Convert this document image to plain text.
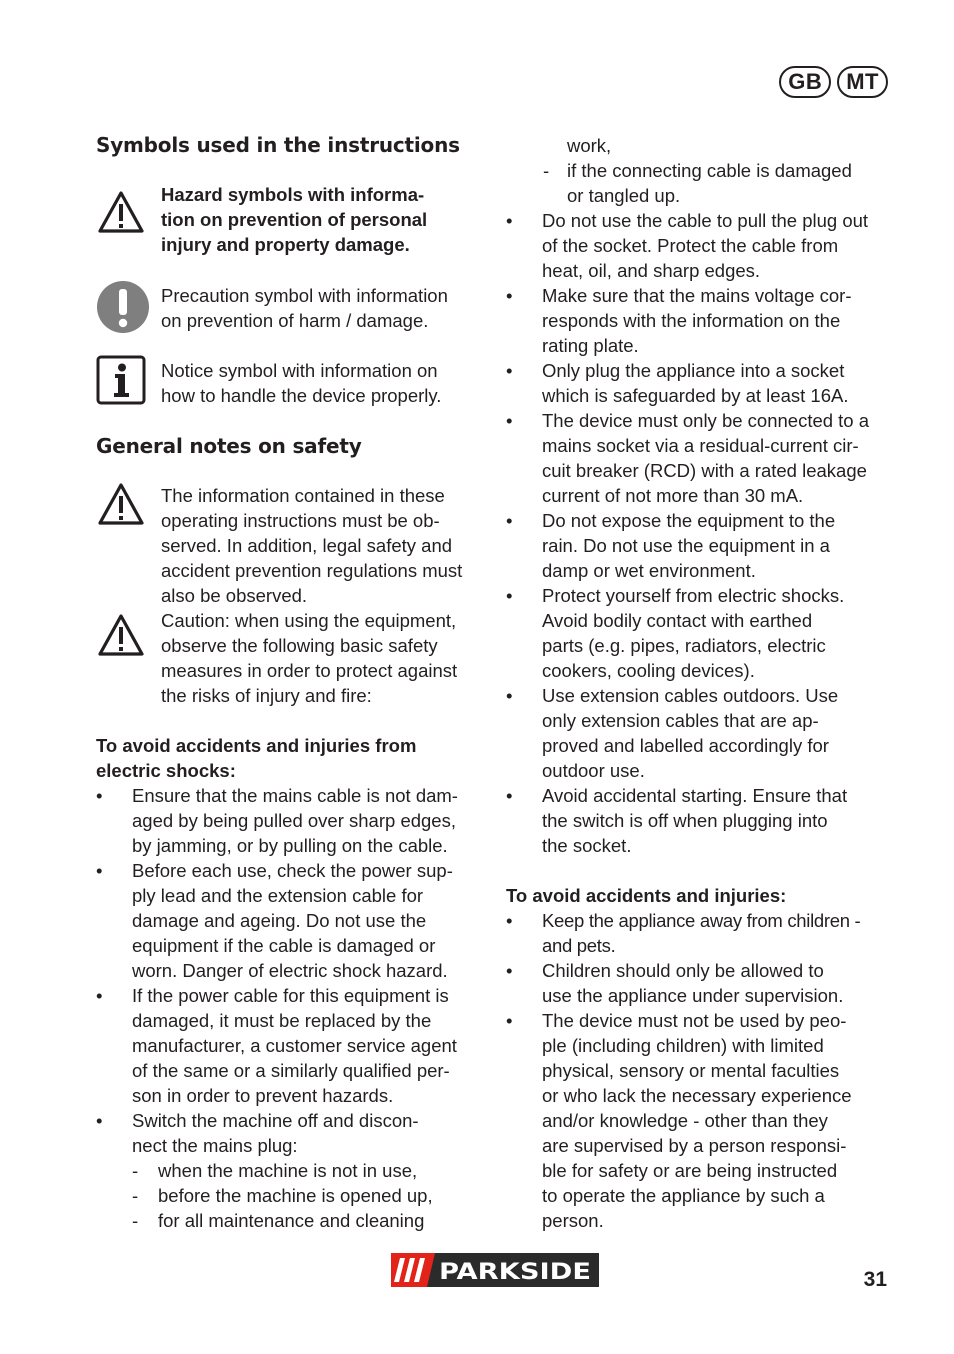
GB	MT
Symbols used in the instructions
Hazard symbols with informa-
tion on prevention of personal
injury and property damage.
Precaution symbol with information
on prevention of harm / damage.
Notice symbol with information on
how to handle the device properly.
General notes on safety
The information contained in these
operating instructions must be ob-
served. In addition, legal safety and
accident prevention regulations must
also be observed.
Caution: when using the equipment,
observe the following basic safety
measures in order to protect against
the risks of injury and fire:
To avoid accidents and injuries from
electric shocks:
• Ensure that the mains cable is not dam-
aged by being pulled over sharp edges,
by jamming, or by pulling on the cable.
• Before each use, check the power sup-
ply lead and the extension cable for
damage and ageing. Do not use the
equipment if the cable is damaged or
worn. Danger of electric shock hazard.
• If the power cable for this equipment is
damaged, it must be replaced by the
manufacturer, a customer service agent
of the same or a similarly qualified per-
son in order to prevent hazards.
• Switch the machine off and discon-
nect the mains plug:
- when the machine is not in use,
- before the machine is opened up,
- for all maintenance and cleaning
work,
- if the connecting cable is damaged
or tangled up.
• Do not use the cable to pull the plug out
of the socket. Protect the cable from
heat, oil, and sharp edges.
• Make sure that the mains voltage cor-
responds with the information on the
rating plate.
• Only plug the appliance into a socket
which is safeguarded by at least 16A.
• The device must only be connected to a
mains socket via a residual-current cir-
cuit breaker (RCD) with a rated leakage
current of not more than 30 mA.
• Do not expose the equipment to the
rain. Do not use the equipment in a
damp or wet environment.
• Protect yourself from electric shocks.
Avoid bodily contact with earthed
parts (e.g. pipes, radiators, electric
cookers, cooling devices).
• Use extension cables outdoors. Use
only extension cables that are ap-
proved and labelled accordingly for
outdoor use.
• Avoid accidental starting. Ensure that
the switch is off when plugging into
the socket.
To avoid accidents and injuries:
• Keep the appliance away from children -
and pets.
• Children should only be allowed to
use the appliance under supervision.
• The device must not be used by peo-
ple (including children) with limited
physical, sensory or mental faculties
or who lack the necessary experience
and/or knowledge - other than they
are supervised by a person responsi-
ble for safety or are being instructed
to operate the appliance by such a
person.
PARKSIDE	31
